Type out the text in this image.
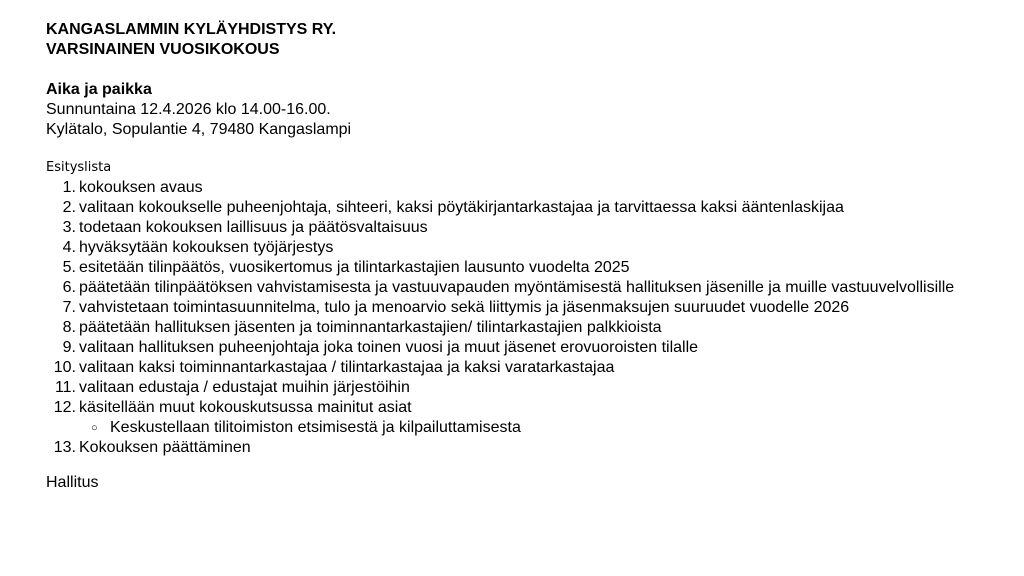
KANGASLAMMIN KYLÄYHDISTYS RY.

VARSINAINEN VUOSIKOKOUS

Aika ja paikka

Sunnuntaina 12.4.2026 klo 14.00-16.00.

Kylätalo, Sopulantie 4, 79480 Kangaslampi

Esityslista

1. kokouksen avaus
2. valitaan kokoukselle puheenjohtaja, sihteeri, kaksi pöytäkirjantarkastajaa ja tarvittaessa kaksi ääntenlaskijaa
3. todetaan kokouksen laillisuus ja päätösvaltaisuus
4. hyväksytään kokouksen työjärjestys
5. esitetään tilinpäätös, vuosikertomus ja tilintarkastajien lausunto vuodelta 2025
6. päätetään tilinpäätöksen vahvistamisesta ja vastuuvapauden myöntämisestä hallituksen jäsenille ja muille vastuuvelvollisille
7. vahvistetaan toimintasuunnitelma, tulo ja menoarvio sekä liittymis ja jäsenmaksujen suuruudet vuodelle 2026
8. päätetään hallituksen jäsenten ja toiminnantarkastajien/ tilintarkastajien palkkioista
9. valitaan hallituksen puheenjohtaja joka toinen vuosi ja muut jäsenet erovuoroisten tilalle
10. valitaan kaksi toiminnantarkastajaa / tilintarkastajaa ja kaksi varatarkastajaa
11. valitaan edustaja / edustajat muihin järjestöihin
12. käsitellään muut kokouskutsussa mainitut asiat
○ Keskustellaan tilitoimiston etsimisestä ja kilpailuttamisesta
13. Kokouksen päättäminen

Hallitus
